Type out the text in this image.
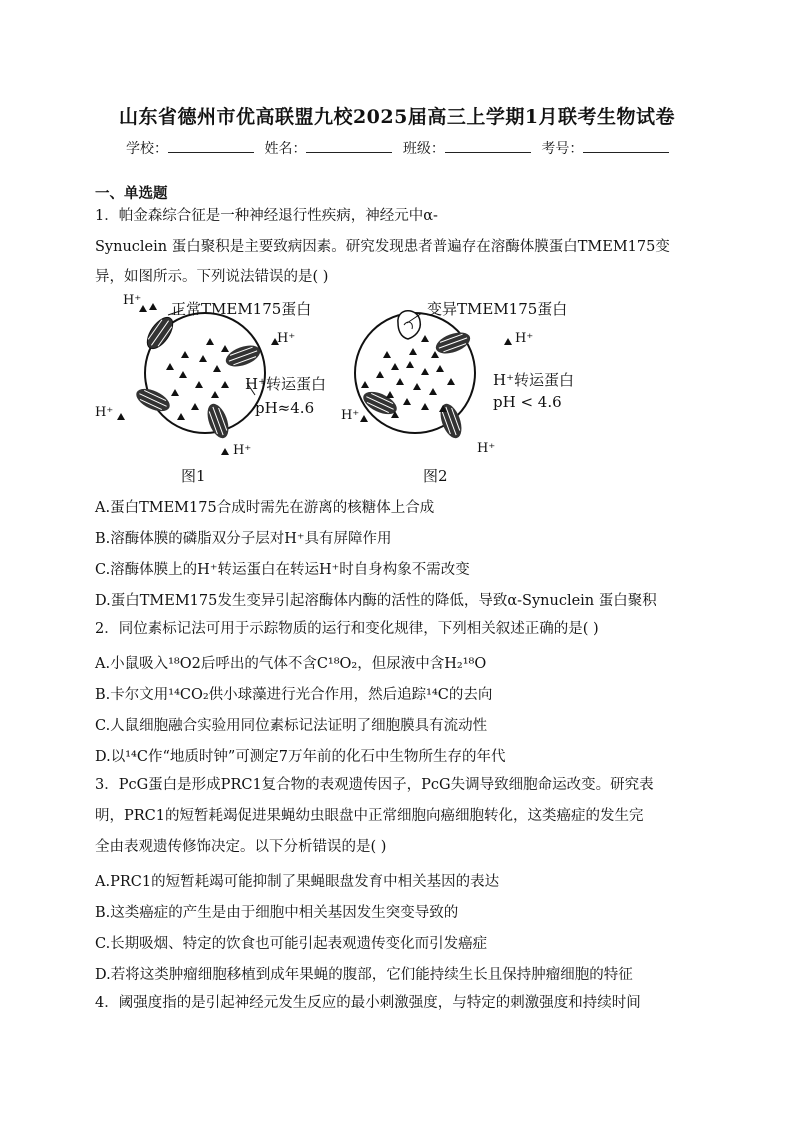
山东省德州市优高联盟九校2025届高三上学期1月联考生物试卷
学校：	姓名：	班级：	考号：
一、单选题
1．帕金森综合征是一种神经退行性疾病，神经元中α-
Synuclein 蛋白聚积是主要致病因素。研究发现患者普遍存在溶酶体膜蛋白TMEM175变
异，如图所示。下列说法错误的是( )
正常TMEM175蛋白
H⁺
H⁺
H⁺转运蛋白
pH≈4.6
H⁺
H⁺
图1
变异TMEM175蛋白
H⁺
H⁺转运蛋白
pH < 4.6
H⁺
H⁺
图2
A.蛋白TMEM175合成时需先在游离的核糖体上合成
B.溶酶体膜的磷脂双分子层对H⁺具有屏障作用
C.溶酶体膜上的H⁺转运蛋白在转运H⁺时自身构象不需改变
D.蛋白TMEM175发生变异引起溶酶体内酶的活性的降低，导致α-Synuclein 蛋白聚积
2．同位素标记法可用于示踪物质的运行和变化规律，下列相关叙述正确的是( )
A.小鼠吸入¹⁸O2后呼出的气体不含C¹⁸O₂，但尿液中含H₂¹⁸O
B.卡尔文用¹⁴CO₂供小球藻进行光合作用，然后追踪¹⁴C的去向
C.人鼠细胞融合实验用同位素标记法证明了细胞膜具有流动性
D.以¹⁴C作“地质时钟”可测定7万年前的化石中生物所生存的年代
3．PcG蛋白是形成PRC1复合物的表观遗传因子，PcG失调导致细胞命运改变。研究表
明，PRC1的短暂耗竭促进果蝇幼虫眼盘中正常细胞向癌细胞转化，这类癌症的发生完
全由表观遗传修饰决定。以下分析错误的是( )
A.PRC1的短暂耗竭可能抑制了果蝇眼盘发育中相关基因的表达
B.这类癌症的产生是由于细胞中相关基因发生突变导致的
C.长期吸烟、特定的饮食也可能引起表观遗传变化而引发癌症
D.若将这类肿瘤细胞移植到成年果蝇的腹部，它们能持续生长且保持肿瘤细胞的特征
4．阈强度指的是引起神经元发生反应的最小刺激强度，与特定的刺激强度和持续时间
